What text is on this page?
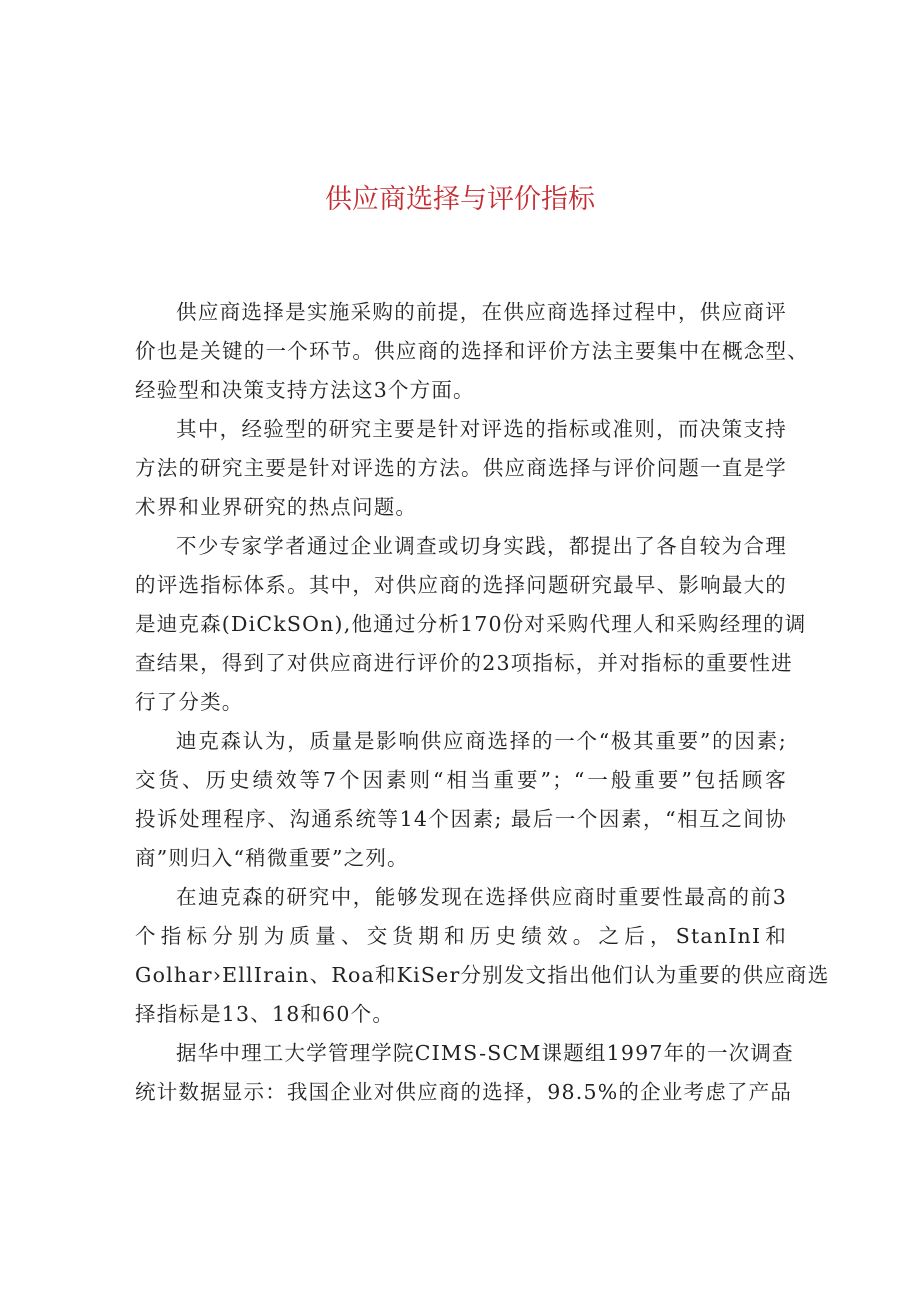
供应商选择与评价指标

供应商选择是实施采购的前提，在供应商选择过程中，供应商评
价也是关键的一个环节。供应商的选择和评价方法主要集中在概念型、
经验型和决策支持方法这3个方面。

其中，经验型的研究主要是针对评选的指标或准则，而决策支持
方法的研究主要是针对评选的方法。供应商选择与评价问题一直是学
术界和业界研究的热点问题。

不少专家学者通过企业调查或切身实践，都提出了各自较为合理
的评选指标体系。其中，对供应商的选择问题研究最早、影响最大的
是迪克森(DiCkSOn),他通过分析170份对采购代理人和采购经理的调
查结果，得到了对供应商进行评价的23项指标，并对指标的重要性进
行了分类。

迪克森认为，质量是影响供应商选择的一个“极其重要”的因素;
交货、历史绩效等7个因素则“相当重要”；“一般重要”包括顾客
投诉处理程序、沟通系统等14个因素; 最后一个因素，“相互之间协
商”则归入“稍微重要”之列。

在迪克森的研究中，能够发现在选择供应商时重要性最高的前3
个指标分别为质量、交货期和历史绩效。之后，StanInI和
Golhar›EllIrain、Roa和KiSer分别发文指出他们认为重要的供应商选
择指标是13、18和60个。

据华中理工大学管理学院CIMS-SCM课题组1997年的一次调查
统计数据显示：我国企业对供应商的选择，98.5%的企业考虑了产品
